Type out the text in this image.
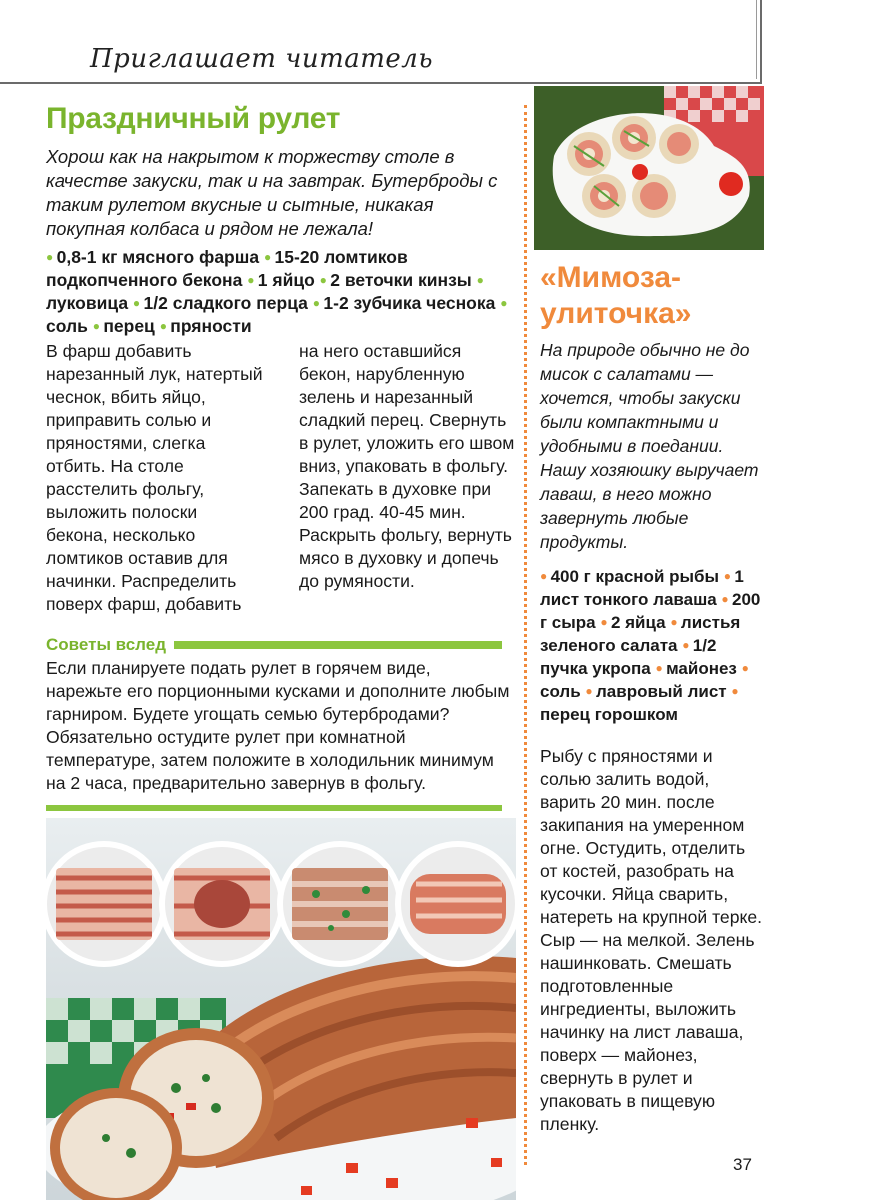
Приглашает читатель
Праздничный рулет
Хорош как на накрытом к торжеству столе в качестве закуски, так и на завтрак. Бутерброды с таким рулетом вкусные и сытные, никакая покупная колбаса и рядом не лежала!
● 0,8-1 кг мясного фарша ● 15-20 ломтиков подкопченного бекона ● 1 яйцо ● 2 веточки кинзы ● луковица ● 1/2 сладкого перца ● 1-2 зубчика чеснока ● соль ● перец ● пряности
В фарш добавить нарезанный лук, натертый чеснок, вбить яйцо, приправить солью и пряностями, слегка отбить. На столе расстелить фольгу, выложить полоски бекона, несколько ломтиков оставив для начинки. Распределить поверх фарш, добавить на него оставшийся бекон, нарубленную зелень и нарезанный сладкий перец. Свернуть в рулет, уложить его швом вниз, упаковать в фольгу. Запекать в духовке при 200 град. 40-45 мин. Раскрыть фольгу, вернуть мясо в духовку и допечь до румяности.
Советы вслед
Если планируете подать рулет в горячем виде, нарежьте его порционными кусками и дополните любым гарниром. Будете угощать семью бутербродами? Обязательно остудите рулет при комнатной температуре, затем положите в холодильник минимум на 2 часа, предварительно завернув в фольгу.
«Мимоза-улиточка»
На природе обычно не до мисок с салатами — хочется, чтобы закуски были компактными и удобными в поедании. Нашу хозяюшку выручает лаваш, в него можно завернуть любые продукты.
● 400 г красной рыбы ● 1 лист тонкого лаваша ● 200 г сыра ● 2 яйца ● листья зеленого салата ● 1/2 пучка укропа ● майонез ● соль ● лавровый лист ● перец горошком
Рыбу с пряностями и солью залить водой, варить 20 мин. после закипания на умеренном огне. Остудить, отделить от костей, разобрать на кусочки. Яйца сварить, натереть на крупной терке. Сыр — на мелкой. Зелень нашинковать. Смешать подготовленные ингредиенты, выложить начинку на лист лаваша, поверх — майонез, свернуть в рулет и упаковать в пищевую пленку.
37
